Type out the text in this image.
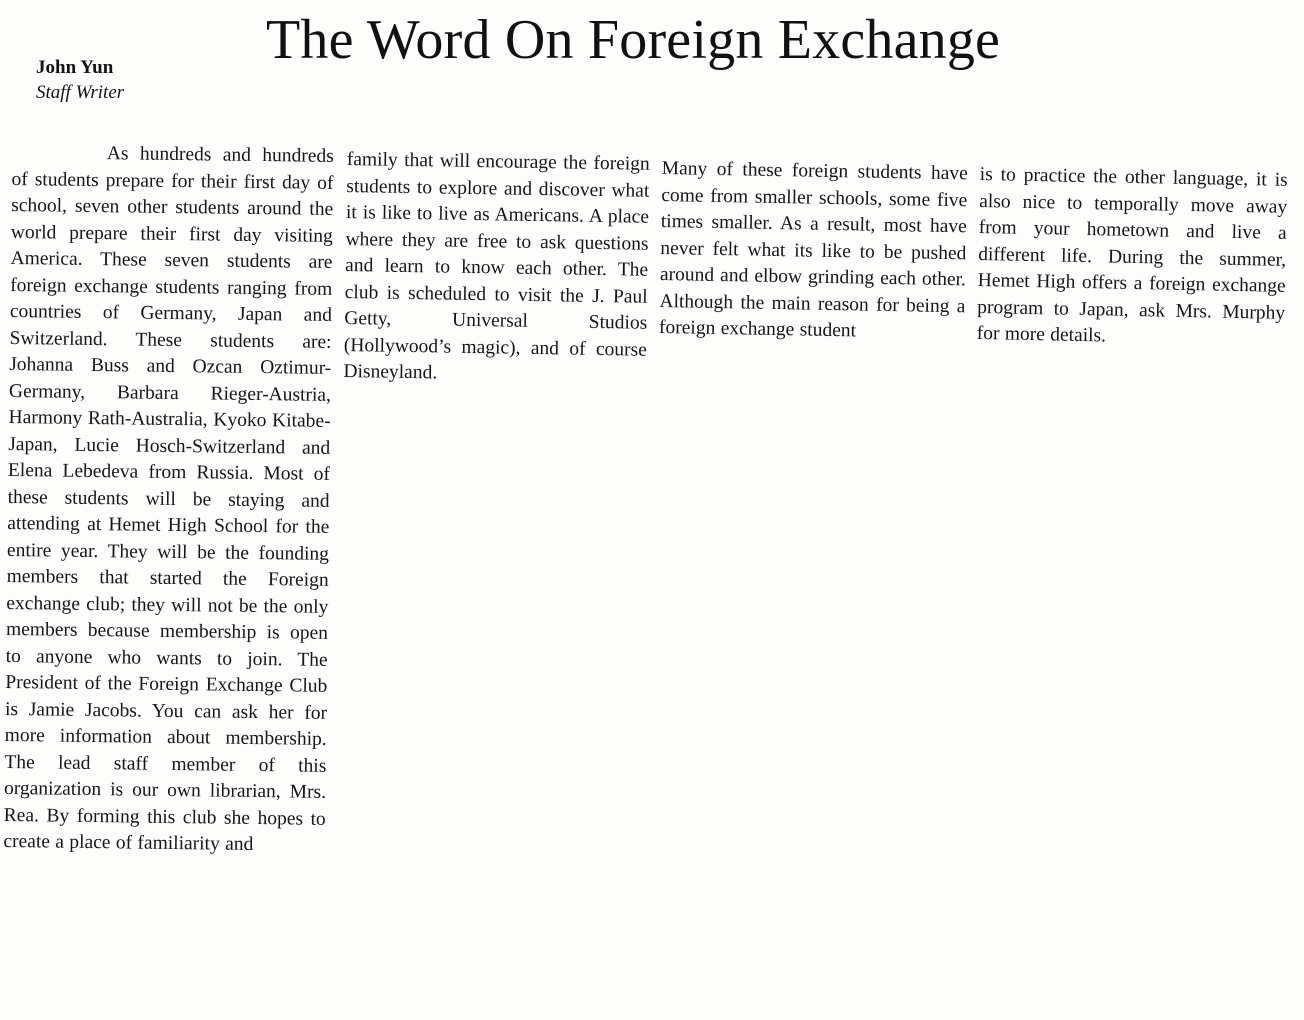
The Word On Foreign Exchange
John Yun
Staff Writer

As hundreds and hundreds of students prepare for their first day of school, seven other students around the world prepare their first day visiting America. These seven students are foreign exchange students ranging from countries of Germany, Japan and Switzerland. These students are: Johanna Buss and Ozcan Oztimur-Germany, Barbara Rieger-Austria, Harmony Rath-Australia, Kyoko Kitabe-Japan, Lucie Hosch-Switzerland and Elena Lebedeva from Russia. Most of these students will be staying and attending at Hemet High School for the entire year. They will be the founding members that started the Foreign exchange club; they will not be the only members because membership is open to anyone who wants to join. The President of the Foreign Exchange Club is Jamie Jacobs. You can ask her for more information about membership. The lead staff member of this organization is our own librarian, Mrs. Rea. By forming this club she hopes to create a place of familiarity and

family that will encourage the foreign students to explore and discover what it is like to live as Americans. A place where they are free to ask questions and learn to know each other. The club is scheduled to visit the J. Paul Getty, Universal Studios (Hollywood’s magic), and of course Disneyland.

Many of these foreign students have come from smaller schools, some five times smaller. As a result, most have never felt what its like to be pushed around and elbow grinding each other. Although the main reason for being a foreign exchange student

is to practice the other language, it is also nice to temporally move away from your hometown and live a different life. During the summer, Hemet High offers a foreign exchange program to Japan, ask Mrs. Murphy for more details.
